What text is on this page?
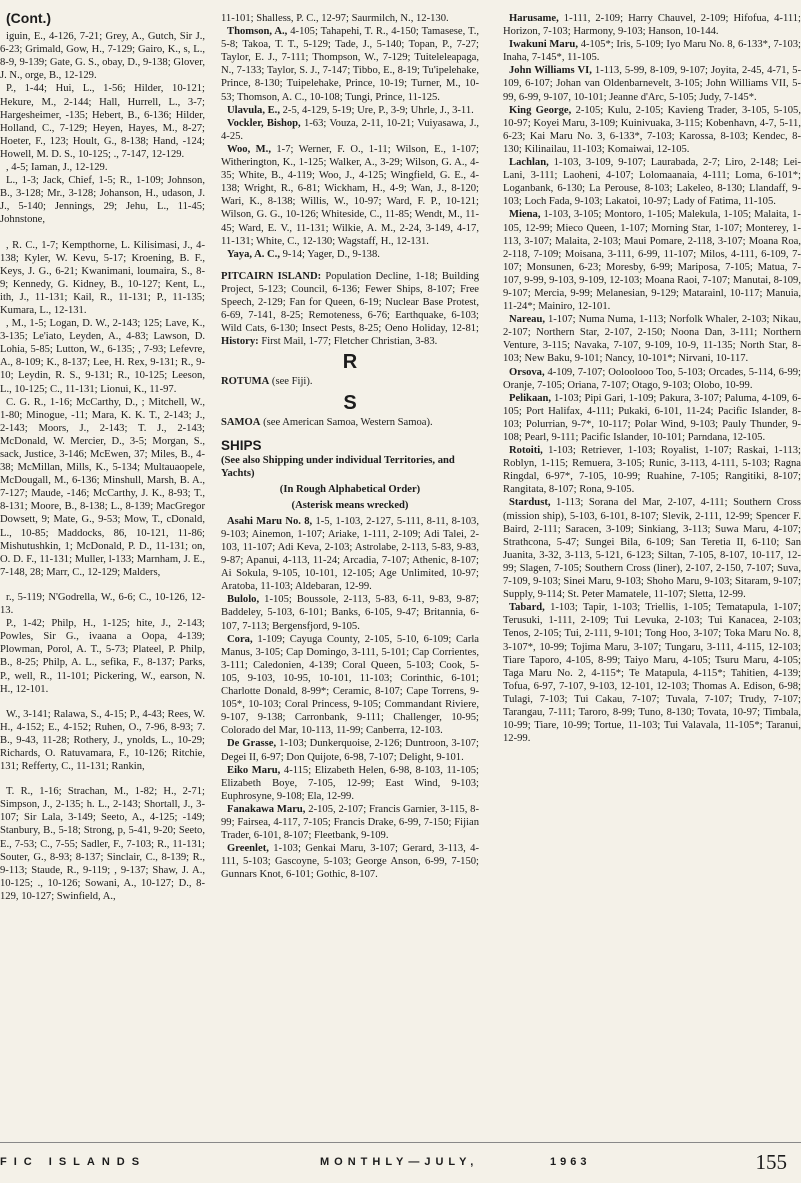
(Cont.)

iguin, E., 4-126, 7-21; Grey, A., Gutch, Sir J., 6-23; Grimald, Gow, H., 7-129; Gairo, K., s, L., 8-9, 9-139; Gate, G. S., obay, D., 9-138; Glover, J. N., orge, B., 12-129.

P., 1-44; Hui, L., 1-56; Hilder, 10-121; Hekure, M., 2-144; Hall, Hurrell, L., 3-7; Hargesheimer, -135; Hebert, B., 6-136; Hilder, Holland, C., 7-129; Heyen, Hayes, M., 8-27; Hoeter, F., 123; Hoult, G., 8-138; Hand, -124; Howell, M. D. S., 10-125; ., 7-147, 12-129.

, 4-5; Iaman, J., 12-129.

L., 1-3; Jack, Chief, 1-5; R., 1-109; Johnson, B., 3-128; Mr., 3-128; Johanson, H., udason, J. J., 5-140; Jennings, 29; Jehu, L., 11-45; Johnstone,

, R. C., 1-7; Kempthorne, L. Kilisimasi, J., 4-138; Kyler, W. Kevu, 5-17; Kroening, B. F., Keys, J. G., 6-21; Kwanimani, loumaira, S., 8-9; Kennedy, G. Kidney, B., 10-127; Kent, L., ith, J., 11-131; Kail, R., 11-131; P., 11-135; Kumara, L., 12-131.

, M., 1-5; Logan, D. W., 2-143; 125; Lave, K., 3-135; Le'iato, Leyden, A., 4-83; Lawson, D. Lohia, 5-85; Lutton, W., 6-135; , 7-93; Lefevre, A., 8-109; K., 8-137; Lee, H. Rex, 9-131; R., 9-10; Leydin, R. S., 9-131; R., 10-125; Leeson, L., 10-125; C., 11-131; Lionui, K., 11-97.

C. G. R., 1-16; McCarthy, D., ; Mitchell, W., 1-80; Minogue, -11; Mara, K. K. T., 2-143; J., 2-143; Moors, J., 2-143; T. J., 2-143; McDonald, W. Mercier, D., 3-5; Morgan, S., sack, Justice, 3-146; McEwen, 37; Miles, B., 4-38; McMillan, Mills, K., 5-134; Multauaopele, McDougall, M., 6-136; Minshull, Marsh, B. A., 7-127; Maude, -146; McCarthy, J. K., 8-93; T., 8-131; Moore, B., 8-138; L., 8-139; MacGregor Dowsett, 9; Mate, G., 9-53; Mow, T., cDonald, L., 10-85; Maddocks, 86, 10-121, 11-86; Mishutushkin, 1; McDonald, P. D., 11-131; on, O. D. F., 11-131; Muller, l-133; Marnham, J. E., 7-148, 28; Marr, C., 12-129; Malders,

r., 5-119; N'Godrella, W., 6-6; C., 10-126, 12-13.

P., 1-42; Philp, H., 1-125; hite, J., 2-143; Powles, Sir G., ivaana a Oopa, 4-139; Plowman, Porol, A. T., 5-73; Plateel, P. Philp, B., 8-25; Philp, A. L., sefika, F., 8-137; Parks, P., well, R., 11-101; Pickering, W., earson, N. H., 12-101.

W., 3-141; Ralawa, S., 4-15; P., 4-43; Rees, W. H., 4-152; E., 4-152; Ruhen, O., 7-96, 8-93; 7. B., 9-43, 11-28; Rothery, J., ynolds, L., 10-29; Richards, O. Ratuvamara, F., 10-126; Ritchie, 131; Refferty, C., 11-131; Rankin,

T. R., 1-16; Strachan, M., 1-82; H., 2-71; Simpson, J., 2-135; h. L., 2-143; Shortall, J., 3-107; Sir Lala, 3-149; Seeto, A., 4-125; -149; Stanbury, B., 5-18; Strong, p, 5-41, 9-20; Seeto, E., 7-53; C., 7-55; Sadler, F., 7-103; R., 11-131; Souter, G., 8-93; 8-137; Sinclair, C., 8-139; R., 9-113; Staude, R., 9-119; , 9-137; Shaw, J. A., 10-125; ., 10-126; Sowani, A., 10-127; D., 8-129, 10-127; Swinfield, A.,

11-101; Shalless, P. C., 12-97; Saurmilch, N., 12-130.

Thomson, A., 4-105; Tahapehi, T. R., 4-150; Tamasese, T., 5-8; Takoa, T. T., 5-129; Tade, J., 5-140; Topan, P., 7-27; Taylor, E. J., 7-111; Thompson, W., 7-129; Tuiteleleapaga, N., 7-133; Taylor, S. J., 7-147; Tibbo, E., 8-19; Tu'ipelehake, Prince, 8-130; Tuipelehake, Prince, 10-19; Turner, M., 10-53; Thomson, A. C., 10-108; Tungi, Prince, 11-125.

Ulavula, E., 2-5, 4-129, 5-19; Ure, P., 3-9; Uhrle, J., 3-11.

Vockler, Bishop, 1-63; Vouza, 2-11, 10-21; Vuiyasawa, J., 4-25.

Woo, M., 1-7; Werner, F. O., 1-11; Wilson, E., 1-107; Witherington, K., 1-125; Walker, A., 3-29; Wilson, G. A., 4-35; White, B., 4-119; Woo, J., 4-125; Wingfield, G. E., 4-138; Wright, R., 6-81; Wickham, H., 4-9; Wan, J., 8-120; Wari, K., 8-138; Willis, W., 10-97; Ward, F. P., 10-121; Wilson, G. G., 10-126; Whiteside, C., 11-85; Wendt, M., 11-45; Ward, E. V., 11-131; Wilkie, A. M., 2-24, 3-149, 4-17, 11-131; White, C., 12-130; Wagstaff, H., 12-131.

Yaya, A. C., 9-14; Yager, D., 9-138.

PITCAIRN ISLAND: Population Decline, 1-18; Building Project, 5-123; Council, 6-136; Fewer Ships, 8-107; Free Speech, 2-129; Fan for Queen, 6-19; Nuclear Base Protest, 6-69, 7-141, 8-25; Remoteness, 6-76; Earthquake, 6-103; Wild Cats, 6-130; Insect Pests, 8-25; Oeno Holiday, 12-81; History: First Mail, 1-77; Fletcher Christian, 3-83.

R

ROTUMA (see Fiji).

S

SAMOA (see American Samoa, Western Samoa).

SHIPS
(See also Shipping under individual Territories, and Yachts)
(In Rough Alphabetical Order)
(Asterisk means wrecked)

Asahi Maru No. 8, 1-5, 1-103, 2-127, 5-111, 8-11, 8-103, 9-103; Ainemon, 1-107; Ariake, 1-111, 2-109; Adi Talei, 2-103, 11-107; Adi Keva, 2-103; Astrolabe, 2-113, 5-83, 9-83, 9-87; Apanui, 4-113, 11-24; Arcadia, 7-107; Athenic, 8-107; Ai Sokula, 9-105, 10-101, 12-105; Age Unlimited, 10-97; Aratoba, 11-103; Aldebaran, 12-99.

Bulolo, 1-105; Boussole, 2-113, 5-83, 6-11, 9-83, 9-87; Baddeley, 5-103, 6-101; Banks, 6-105, 9-47; Britannia, 6-107, 7-113; Bergensfjord, 9-105.

Cora, 1-109; Cayuga County, 2-105, 5-10, 6-109; Carla Manus, 3-105; Cap Domingo, 3-111, 5-101; Cap Corrientes, 3-111; Caledonien, 4-139; Coral Queen, 5-103; Cook, 5-105, 9-103, 10-95, 10-101, 11-103; Corinthic, 6-101; Charlotte Donald, 8-99*; Ceramic, 8-107; Cape Torrens, 9-105*, 10-103; Coral Princess, 9-105; Commandant Riviere, 9-107, 9-138; Carronbank, 9-111; Challenger, 10-95; Colorado del Mar, 10-113, 11-99; Canberra, 12-103.

De Grasse, 1-103; Dunkerquoise, 2-126; Duntroon, 3-107; Degei II, 6-97; Don Quijote, 6-98, 7-107; Delight, 9-101.

Eiko Maru, 4-115; Elizabeth Helen, 6-98, 8-103, 11-105; Elizabeth Boye, 7-105, 12-99; East Wind, 9-103; Euphrosyne, 9-108; Ela, 12-99.

Fanakawa Maru, 2-105, 2-107; Francis Garnier, 3-115, 8-99; Fairsea, 4-117, 7-105; Francis Drake, 6-99, 7-150; Fijian Trader, 6-101, 8-107; Fleetbank, 9-109.

Greenlet, 1-103; Genkai Maru, 3-107; Gerard, 3-113, 4-111, 5-103; Gascoyne, 5-103; George Anson, 6-99, 7-150; Gunnars Knot, 6-101; Gothic, 8-107.

Harusame, 1-111, 2-109; Harry Chauvel, 2-109; Hifofua, 4-111; Horizon, 7-103; Harmony, 9-103; Hanson, 10-144.

Iwakuni Maru, 4-105*; Iris, 5-109; Iyo Maru No. 8, 6-133*, 7-103; Inaha, 7-145*, 11-105.

John Williams VI, 1-113, 5-99, 8-109, 9-107; Joyita, 2-45, 4-71, 5-109, 6-107; Johan van Oldenbarnevelt, 3-105; John Williams VII, 5-99, 6-99, 9-107, 10-101; Jeanne d'Arc, 5-105; Judy, 7-145*.

King George, 2-105; Kulu, 2-105; Kavieng Trader, 3-105, 5-105, 10-97; Koyei Maru, 3-109; Kuinivuaka, 3-115; Kobenhavn, 4-7, 5-11, 6-23; Kai Maru No. 3, 6-133*, 7-103; Karossa, 8-103; Kendec, 8-130; Kilinailau, 11-103; Komaiwai, 12-105.

Lachlan, 1-103, 3-109, 9-107; Laurabada, 2-7; Liro, 2-148; Lei-Lani, 3-111; Laoheni, 4-107; Lolomaanaia, 4-111; Loma, 6-101*; Loganbank, 6-130; La Perouse, 8-103; Lakeleo, 8-130; Llandaff, 9-103; Loch Fada, 9-103; Lakatoi, 10-97; Lady of Fatima, 11-105.

Miena, 1-103, 3-105; Montoro, 1-105; Malekula, 1-105; Malaita, 1-105, 12-99; Mieco Queen, 1-107; Morning Star, 1-107; Monterey, 1-113, 3-107; Malaita, 2-103; Maui Pomare, 2-118, 3-107; Moana Roa, 2-118, 7-109; Moisana, 3-111, 6-99, 11-107; Milos, 4-111, 6-109, 7-107; Monsunen, 6-23; Moresby, 6-99; Mariposa, 7-105; Matua, 7-107, 9-99, 9-103, 9-109, 12-103; Moana Raoi, 7-107; Manutai, 8-109, 9-107; Mercia, 9-99; Melanesian, 9-129; Matarainl, 10-117; Manuia, 11-24*; Mainiro, 12-101.

Nareau, 1-107; Numa Numa, 1-113; Norfolk Whaler, 2-103; Nikau, 2-107; Northern Star, 2-107, 2-150; Noona Dan, 3-111; Northern Venture, 3-115; Navaka, 7-107, 9-109, 10-9, 11-135; North Star, 8-103; New Baku, 9-101; Nancy, 10-101*; Nirvani, 10-117.

Orsova, 4-109, 7-107; Ooloolooo Too, 5-103; Orcades, 5-114, 6-99; Oranje, 7-105; Oriana, 7-107; Otago, 9-103; Olobo, 10-99.

Pelikaan, 1-103; Pipi Gari, 1-109; Pakura, 3-107; Paluma, 4-109, 6-105; Port Halifax, 4-111; Pukaki, 6-101, 11-24; Pacific Islander, 8-103; Polurrian, 9-7*, 10-117; Polar Wind, 9-103; Pauly Thunder, 9-108; Pearl, 9-111; Pacific Islander, 10-101; Parndana, 12-105.

Rotoiti, 1-103; Retriever, 1-103; Royalist, 1-107; Raskai, 1-113; Roblyn, 1-115; Remuera, 3-105; Runic, 3-113, 4-111, 5-103; Ragna Ringdal, 6-97*, 7-105, 10-99; Ruahine, 7-105; Rangitiki, 8-107; Rangitata, 8-107; Rona, 9-105.

Stardust, 1-113; Sorana del Mar, 2-107, 4-111; Southern Cross (mission ship), 5-103, 6-101, 8-107; Slevik, 2-111, 12-99; Spencer F. Baird, 2-111; Saracen, 3-109; Sinkiang, 3-113; Suwa Maru, 4-107; Strathcona, 5-47; Sungei Bila, 6-109; San Teretia II, 6-110; San Juanita, 3-32, 3-113, 5-121, 6-123; Siltan, 7-105, 8-107, 10-117, 12-99; Slagen, 7-105; Southern Cross (liner), 2-107, 2-150, 7-107; Suva, 7-109, 9-103; Sinei Maru, 9-103; Shoho Maru, 9-103; Sitaram, 9-107; Supply, 9-114; St. Peter Mamatele, 11-107; Sletta, 12-99.

Tabard, 1-103; Tapir, 1-103; Triellis, 1-105; Tematapula, 1-107; Terusuki, 1-111, 2-109; Tui Levuka, 2-103; Tui Kanacea, 2-103; Tenos, 2-105; Tui, 2-111, 9-101; Tong Hoo, 3-107; Toka Maru No. 8, 3-107*, 10-99; Tojima Maru, 3-107; Tungaru, 3-111, 4-115, 12-103; Tiare Taporo, 4-105, 8-99; Taiyo Maru, 4-105; Tsuru Maru, 4-105; Taga Maru No. 2, 4-115*; Te Matapula, 4-115*; Tahitien, 4-139; Tofua, 6-97, 7-107, 9-103, 12-101, 12-103; Thomas A. Edison, 6-98; Tulagi, 7-103; Tui Cakau, 7-107; Tuvala, 7-107; Trudy, 7-107; Tarangau, 7-111; Taroro, 8-99; Tuno, 8-130; Tovata, 10-97; Timbala, 10-99; Tiare, 10-99; Tortue, 11-103; Tui Valavala, 11-105*; Taranui, 12-99.

FIC ISLANDS	MONTHLY—JULY,	1963	155
